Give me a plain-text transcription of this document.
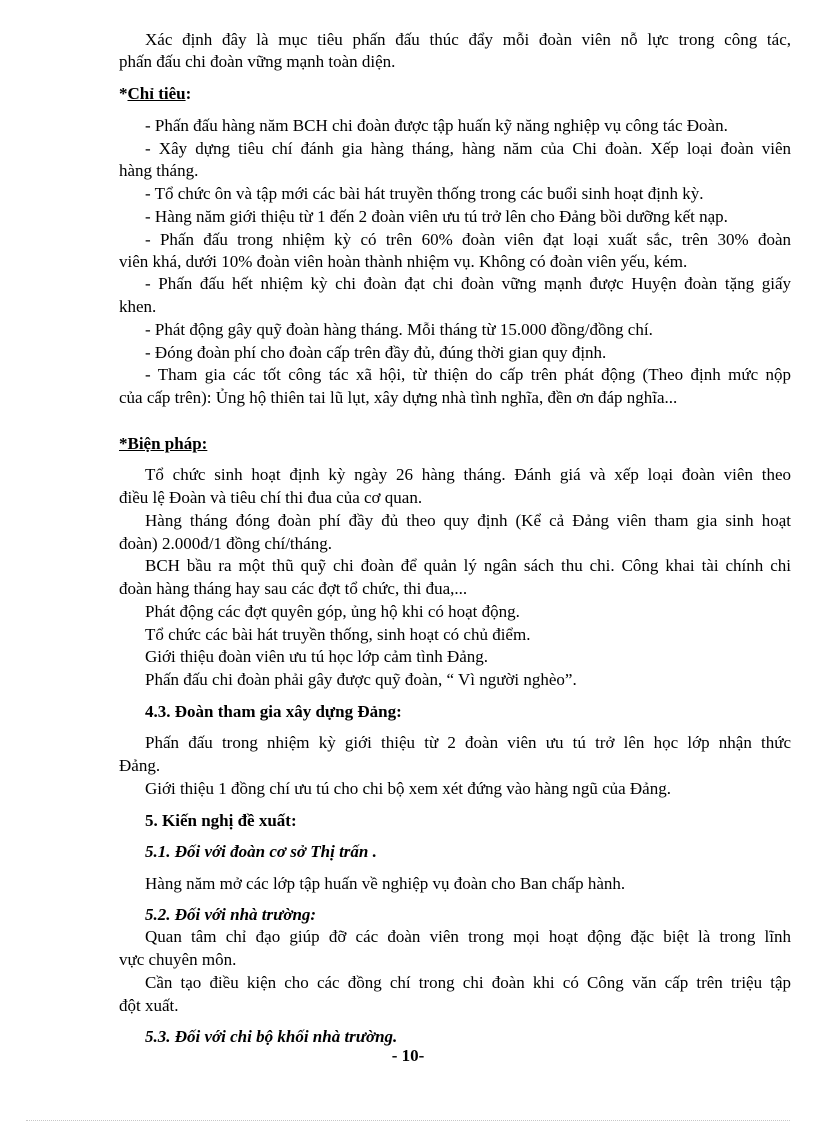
Xác định đây là mục tiêu phấn đấu thúc đẩy mỗi đoàn viên nỗ lực trong công tác,
phấn đấu chi đoàn vững mạnh toàn diện.
*Chỉ tiêu:
- Phấn đấu hàng năm BCH chi đoàn được tập huấn kỹ năng nghiệp vụ công tác Đoàn.
- Xây dựng tiêu chí đánh gia hàng tháng, hàng năm của Chi đoàn. Xếp loại đoàn viên
hàng tháng.
- Tổ chức ôn và tập mới các bài hát truyền thống trong các buổi sinh hoạt định kỳ.
- Hàng năm giới thiệu từ 1 đến 2 đoàn viên ưu tú trở lên cho Đảng bồi dưỡng kết nạp.
- Phấn đấu trong nhiệm kỳ có trên 60% đoàn viên đạt loại xuất sắc, trên 30% đoàn
viên khá, dưới 10% đoàn viên hoàn thành nhiệm vụ. Không có đoàn viên yếu, kém.
- Phấn đấu hết nhiệm kỳ chi đoàn đạt chi đoàn vững mạnh được Huyện đoàn tặng giấy
khen.
- Phát động gây quỹ đoàn hàng tháng. Mỗi tháng từ 15.000 đồng/đồng chí.
- Đóng đoàn phí cho đoàn cấp trên đầy đủ, đúng thời gian quy định.
- Tham gia các tốt công tác xã hội, từ thiện do cấp trên phát động (Theo định mức nộp
của cấp trên): Ủng hộ thiên tai lũ lụt, xây dựng nhà tình nghĩa, đền ơn đáp nghĩa...
*Biện pháp:
Tổ chức sinh hoạt định kỳ ngày 26 hàng tháng. Đánh giá và xếp loại đoàn viên theo
điều lệ Đoàn và tiêu chí thi đua của cơ quan.
Hàng tháng đóng đoàn phí đầy đủ theo quy định (Kể cả Đảng viên tham gia sinh hoạt
đoàn) 2.000đ/1 đồng chí/tháng.
BCH bầu ra một thũ quỹ chi đoàn để quản lý ngân sách thu chi. Công khai tài chính chi
đoàn hàng tháng hay sau các đợt tổ chức, thi đua,...
Phát động các đợt quyên góp, ủng hộ khi có hoạt động.
Tổ chức các bài hát truyền thống, sinh hoạt có chủ điểm.
Giới thiệu đoàn viên ưu tú học lớp cảm tình Đảng.
Phấn đấu chi đoàn phải gây được quỹ đoàn, “ Vì người nghèo”.
4.3. Đoàn tham gia xây dựng Đảng:
Phấn đấu trong nhiệm kỳ giới thiệu từ 2 đoàn viên ưu tú trở lên học lớp nhận thức
Đảng.
Giới thiệu 1 đồng chí ưu tú cho chi bộ xem xét đứng vào hàng ngũ của Đảng.
5. Kiến nghị đề xuất:
5.1. Đối với đoàn cơ sở Thị trấn .
Hàng năm mở các lớp tập huấn về nghiệp vụ đoàn cho Ban chấp hành.
5.2. Đối với nhà trường:
Quan tâm chỉ đạo giúp đỡ các đoàn viên trong mọi hoạt động đặc biệt là trong lĩnh
vực chuyên môn.
Cần tạo điều kiện cho các đồng chí trong chi đoàn khi có Công văn cấp trên triệu tập
đột xuất.
5.3. Đối với chi bộ khối nhà trường.
- 10-
